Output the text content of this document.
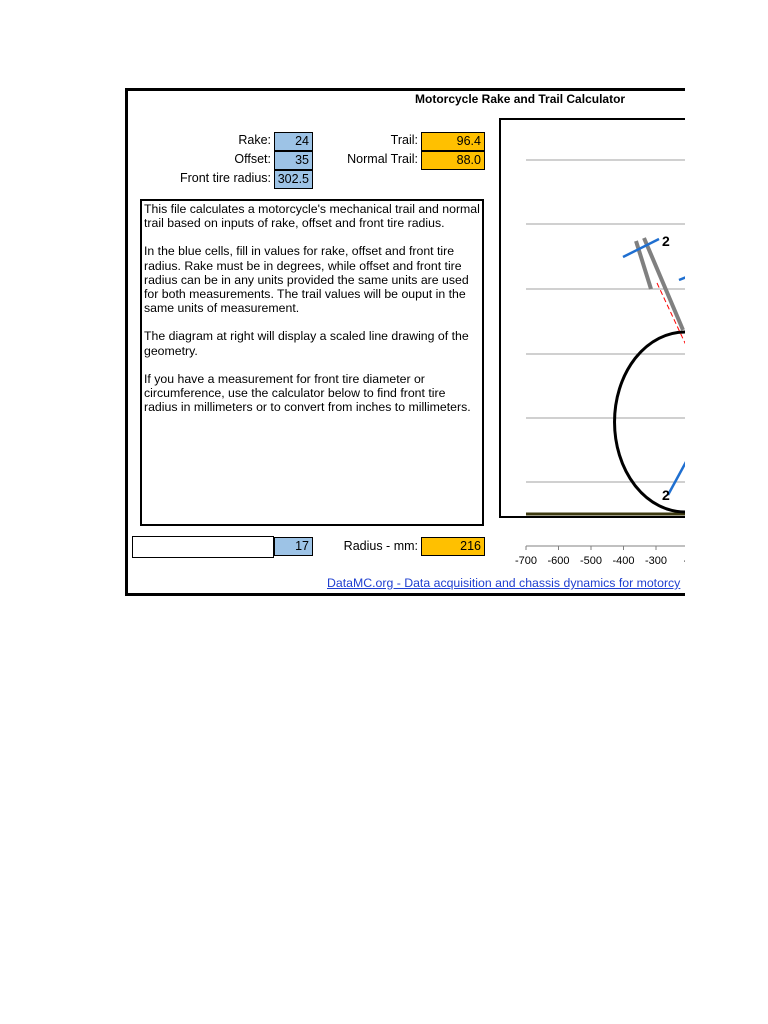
Motorcycle Rake and Trail Calculator
Rake:
Offset:
Front tire radius:
24
35
302.5
Trail:
Normal Trail:
96.4
88.0

This file calculates a motorcycle's mechanical trail and normal trail based on inputs of rake, offset and front tire radius.

In the blue cells, fill in values for rake, offset and front tire radius. Rake must be in degrees, while offset and front tire radius can be in any units provided the same units are used for both measurements. The trail values will be ouput in the same units of measurement.

The diagram at right will display a scaled line drawing of the geometry.

If you have a measurement for front tire diameter or circumference, use the calculator below to find front tire radius in millimeters or to convert from inches to millimeters.

17	Radius - mm:	216
2
2
-700 -600 -500 -400 -300 -2
DataMC.org - Data acquisition and chassis dynamics for motorcy
